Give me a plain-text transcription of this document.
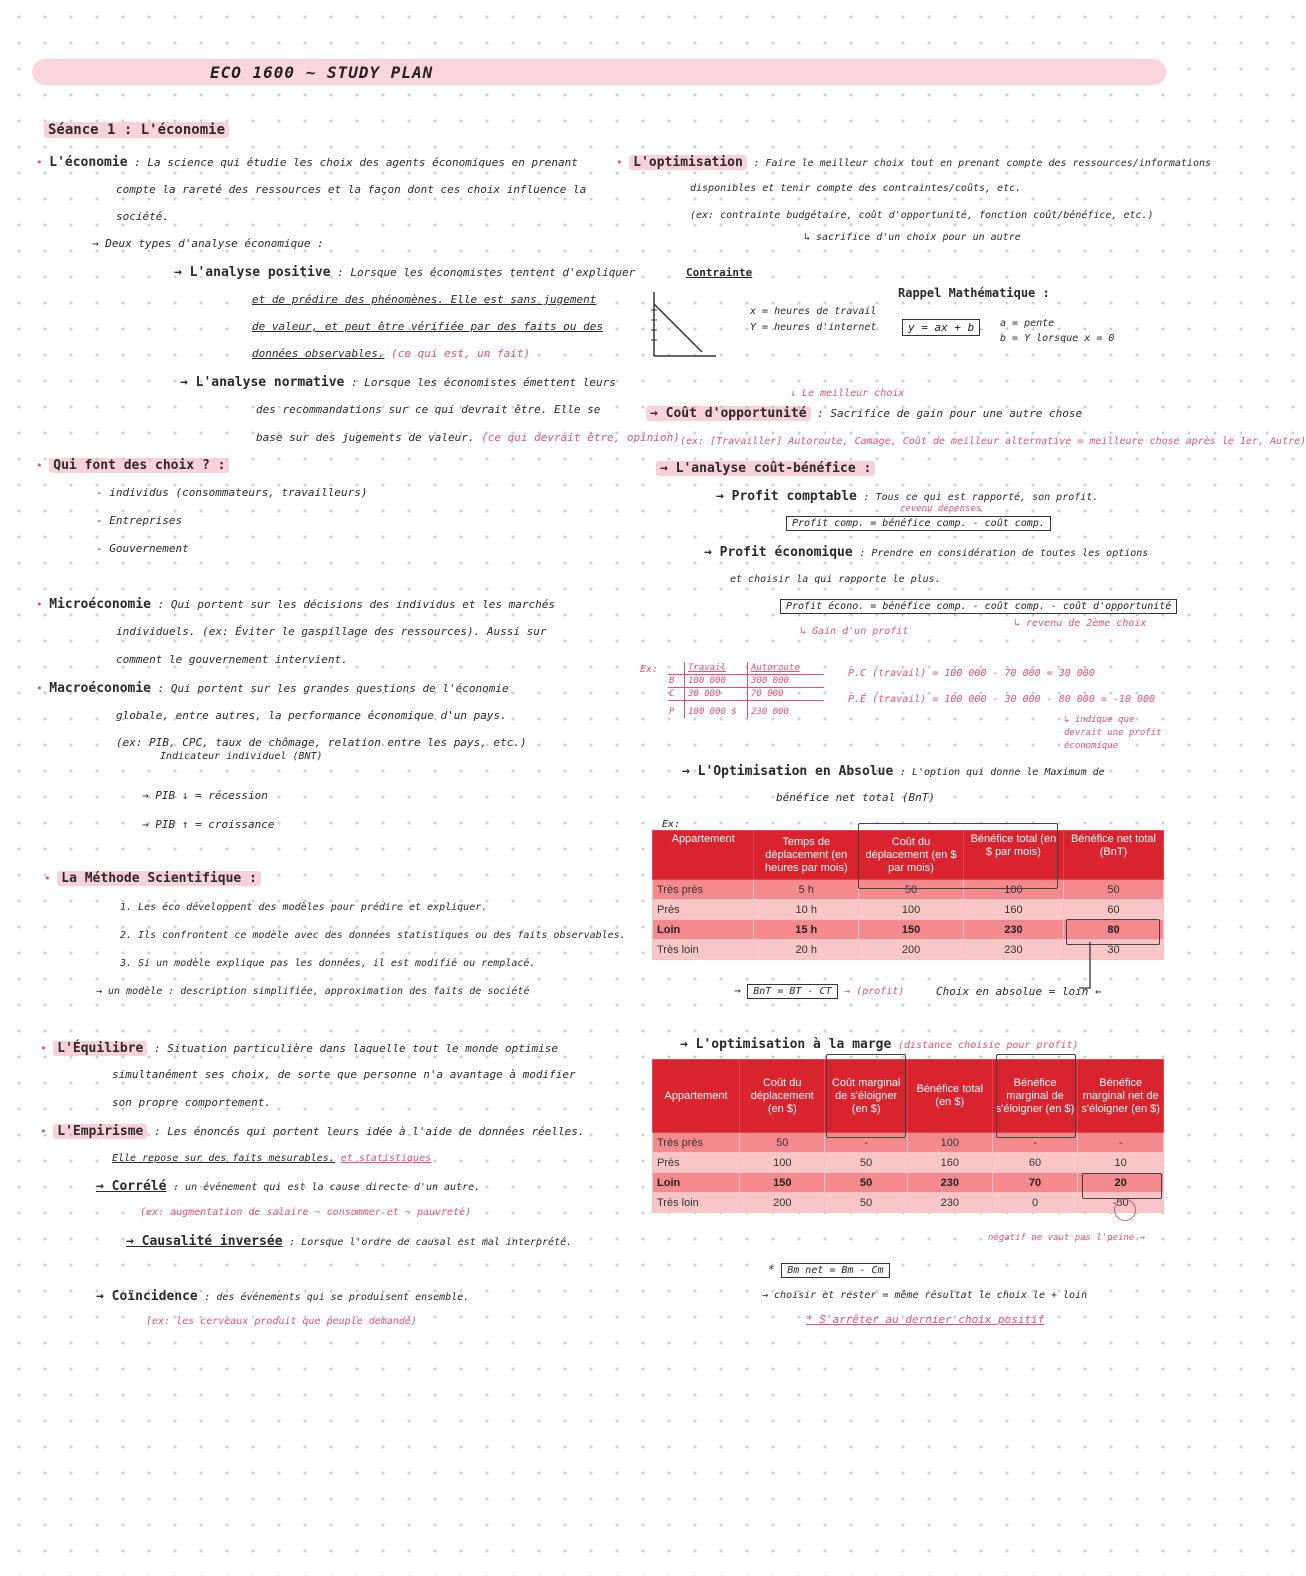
ECO 1600 ~ STUDY PLAN
Séance 1 : L'économie
• L'économie : La science qui étudie les choix des agents économiques en prenant
compte la rareté des ressources et la façon dont ces choix influence la
société.
→ Deux types d'analyse économique :
→ L'analyse positive : Lorsque les économistes tentent d'expliquer
et de prédire des phénomènes. Elle est sans jugement
de valeur, et peut être vérifiée par des faits ou des
données observables. (ce qui est, un fait)
→ L'analyse normative : Lorsque les économistes émettent leurs
des recommandations sur ce qui devrait être. Elle se
base sur des jugements de valeur. (ce qui devrait être, opinion)
• Qui font des choix ? :
- individus (consommateurs, travailleurs)
- Entreprises
- Gouvernement
• Microéconomie : Qui portent sur les décisions des individus et les marchés
individuels. (ex: Éviter le gaspillage des ressources). Aussi sur
comment le gouvernement intervient.
• Macroéconomie : Qui portent sur les grandes questions de l'économie
globale, entre autres, la performance économique d'un pays.
(ex: PIB, CPC, taux de chômage, relation entre les pays, etc.)
Indicateur individuel (BNT)
→ PIB ↓ = récession
→ PIB ↑ = croissance
• La Méthode Scientifique :
1. Les éco développent des modèles pour prédire et expliquer.
2. Ils confrontent ce modèle avec des données statistiques ou des faits observables.
3. Si un modèle explique pas les données, il est modifié ou remplacé.
→ un modèle : description simplifiée, approximation des faits de société
• L'Équilibre : Situation particulière dans laquelle tout le monde optimise
simultanément ses choix, de sorte que personne n'a avantage à modifier
son propre comportement.
• L'Empirisme : Les énoncés qui portent leurs idée à l'aide de données réelles.
Elle repose sur des faits mesurables. et statistiques
→ Corrélé : un événement qui est la cause directe d'un autre.
(ex: augmentation de salaire ~ consommer et ~ pauvreté)
→ Causalité inversée : Lorsque l'ordre de causal est mal interprété.
→ Coïncidence : des événements qui se produisent ensemble.
(ex: les cerveaux produit que peuple demandé)
• L'optimisation : Faire le meilleur choix tout en prenant compte des ressources/informations
disponibles et tenir compte des contraintes/coûts, etc.
(ex: contrainte budgétaire, coût d'opportunité, fonction coût/bénéfice, etc.)
↳ sacrifice d'un choix pour un autre
Contrainte
x = heures de travail
Y = heures d'internet
Rappel Mathématique :
y = ax + b	a = pente
b = Y lorsque x = 0
↓ Le meilleur choix
→ Coût d'opportunité : Sacrifice de gain pour une autre chose
(ex: [Travailler] Autoroute, Camage, Coût de meilleur alternative = meilleure chose après le 1er, Autre)
→ L'analyse coût-bénéfice :
→ Profit comptable : Tous ce qui est rapporté, son profit.
revenu dépenses
Profit comp. = bénéfice comp. - coût comp.
→ Profit économique : Prendre en considération de toutes les options
et choisir la qui rapporte le plus.
Profit écono. = bénéfice comp. - coût comp. - coût d'opportunité
↳ Gain d'un profit
↳ revenu de 2ème choix
Ex:
		Travail	Autoroute
B	100 000	300 000
C	30 000	70 000
P	100 000 $	230 000
P.C (travail) = 100 000 - 70 000 = 30 000
P.É (travail) = 100 000 - 30 000 - 80 000 = -10 000
↳ indique que devrait une profit économique
→ L'Optimisation en Absolue : L'option qui donne le Maximum de
bénéfice net total (BnT)
Ex:
Appartement	Temps de déplacement (en heures par mois)	Coût du déplacement (en $ par mois)	Bénéfice total (en $ par mois)	Bénéfice net total (BnT)
Très près	5 h	50	100	50
Près	10 h	100	160	60
Loin	15 h	150	230	80
Très loin	20 h	200	230	30
→ BnT = BT - CT → (profit)	Choix en absolue = loin ←
→ L'optimisation à la marge (distance choisie pour profit)
Appartement	Coût du déplacement (en $)	Coût marginal de s'éloigner (en $)	Bénéfice total (en $)	Bénéfice marginal de s'éloigner (en $)	Bénéfice marginal net de s'éloigner (en $)
Très près	50	-	100	-	-
Près	100	50	160	60	10
Loin	150	50	230	70	20
Très loin	200	50	230	0	-50
négatif ne vaut pas l'peine →
* Bm net = Bm - Cm
→ choisir et rester = même résultat le choix le + loin
* S'arrêter au dernier choix positif
